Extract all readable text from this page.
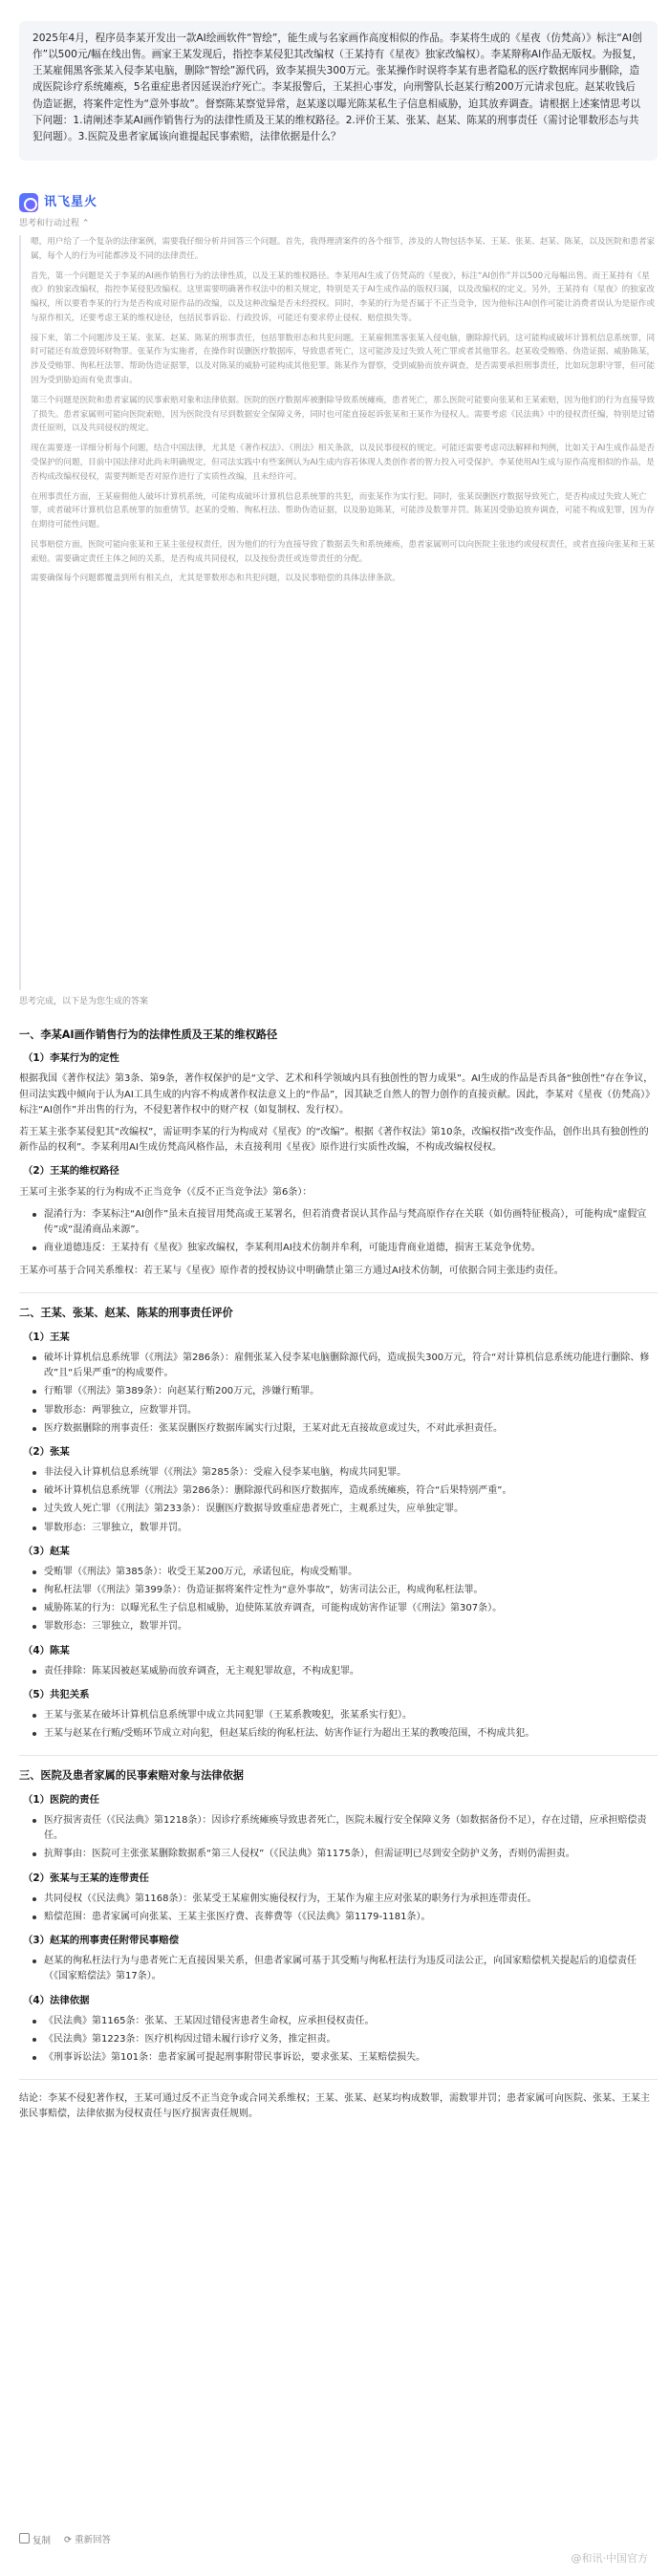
2025年4月，程序员李某开发出一款AI绘画软件“智绘”，能生成与名家画作高度相似的作品。李某将生成的《星夜（仿梵高）》标注“AI创作”以500元/幅在线出售。画家王某发现后，指控李某侵犯其改编权（王某持有《星夜》独家改编权）。李某辩称AI作品无版权。为报复，王某雇佣黑客张某入侵李某电脑，删除“智绘”源代码，致李某损失300万元。张某操作时误将李某有患者隐私的医疗数据库同步删除，造成医院诊疗系统瘫痪，5名重症患者因延误治疗死亡。李某报警后，王某担心事发，向刑警队长赵某行贿200万元请求包庇。赵某收钱后伪造证据，将案件定性为“意外事故”。督察陈某察觉异常，赵某遂以曝光陈某私生子信息相威胁，迫其放弃调查。请根据上述案情思考以下问题：1.请阐述李某AI画作销售行为的法律性质及王某的维权路径。2.评价王某、张某、赵某、陈某的刑事责任（需讨论罪数形态与共犯问题）。3.医院及患者家属该向谁提起民事索赔，法律依据是什么？
讯飞星火
思考和行动过程 ⌃

嗯，用户给了一个复杂的法律案例，需要我仔细分析并回答三个问题。首先，我得理清案件的各个细节，涉及的人物包括李某、王某、张某、赵某、陈某，以及医院和患者家属，每个人的行为可能都涉及不同的法律责任。

首先，第一个问题是关于李某的AI画作销售行为的法律性质，以及王某的维权路径。李某用AI生成了仿梵高的《星夜》，标注“AI创作”并以500元每幅出售。而王某持有《星夜》的独家改编权，指控李某侵犯改编权。这里需要明确著作权法中的相关规定，特别是关于AI生成作品的版权归属，以及改编权的定义。另外，王某持有《星夜》的独家改编权，所以要看李某的行为是否构成对原作品的改编，以及这种改编是否未经授权。同时，李某的行为是否属于不正当竞争，因为他标注AI创作可能让消费者误认为是原作或与原作相关，还要考虑王某的维权途径，包括民事诉讼、行政投诉，可能还有要求停止侵权、赔偿损失等。

接下来，第二个问题涉及王某、张某、赵某、陈某的刑事责任，包括罪数形态和共犯问题。王某雇佣黑客张某入侵电脑，删除源代码，这可能构成破坏计算机信息系统罪，同时可能还有故意毁坏财物罪。张某作为实施者，在操作时误删医疗数据库，导致患者死亡，这可能涉及过失致人死亡罪或者其他罪名。赵某收受贿赂、伪造证据、威胁陈某，涉及受贿罪、徇私枉法罪、帮助伪造证据罪，以及对陈某的威胁可能构成其他犯罪。陈某作为督察，受到威胁而放弃调查，是否需要承担刑事责任，比如玩忽职守罪，但可能因为受到胁迫而有免责事由。

第三个问题是医院和患者家属的民事索赔对象和法律依据。医院的医疗数据库被删除导致系统瘫痪，患者死亡，那么医院可能要向张某和王某索赔，因为他们的行为直接导致了损失。患者家属则可能向医院索赔，因为医院没有尽到数据安全保障义务，同时也可能直接起诉张某和王某作为侵权人。需要考虑《民法典》中的侵权责任编，特别是过错责任原则，以及共同侵权的规定。

现在需要逐一详细分析每个问题，结合中国法律，尤其是《著作权法》、《刑法》相关条款，以及民事侵权的规定。可能还需要考虑司法解释和判例，比如关于AI生成作品是否受保护的问题，目前中国法律对此尚未明确规定，但司法实践中有些案例认为AI生成内容若体现人类创作者的智力投入可受保护。李某使用AI生成与原作高度相似的作品，是否构成改编权侵权，需要判断是否对原作进行了实质性改编，且未经许可。

在刑事责任方面，王某雇佣他人破坏计算机系统，可能构成破坏计算机信息系统罪的共犯，而张某作为实行犯。同时，张某误删医疗数据导致死亡，是否构成过失致人死亡罪，或者破坏计算机信息系统罪的加重情节。赵某的受贿、徇私枉法、帮助伪造证据，以及胁迫陈某，可能涉及数罪并罚。陈某因受胁迫放弃调查，可能不构成犯罪，因为存在期待可能性问题。

民事赔偿方面，医院可能向张某和王某主张侵权责任，因为他们的行为直接导致了数据丢失和系统瘫痪，患者家属则可以向医院主张违约或侵权责任，或者直接向张某和王某索赔。需要确定责任主体之间的关系，是否构成共同侵权，以及按份责任或连带责任的分配。

需要确保每个问题都覆盖到所有相关点，尤其是罪数形态和共犯问题，以及民事赔偿的具体法律条款。

思考完成，以下是为您生成的答案
一、李某AI画作销售行为的法律性质及王某的维权路径
（1）李某行为的定性
根据我国《著作权法》第3条、第9条，著作权保护的是“文学、艺术和科学领域内具有独创性的智力成果”。AI生成的作品是否具备“独创性”存在争议，但司法实践中倾向于认为AI工具生成的内容不构成著作权法意义上的“作品”，因其缺乏自然人的智力创作的直接贡献。因此，李某对《星夜（仿梵高）》标注“AI创作”并出售的行为，不侵犯著作权中的财产权（如复制权、发行权）。
若王某主张李某侵犯其“改编权”，需证明李某的行为构成对《星夜》的“改编”。根据《著作权法》第10条，改编权指“改变作品，创作出具有独创性的新作品的权利”。李某利用AI生成仿梵高风格作品，未直接利用《星夜》原作进行实质性改编，不构成改编权侵权。
（2）王某的维权路径
王某可主张李某的行为构成不正当竞争（《反不正当竞争法》第6条）：
混淆行为：李某标注“AI创作”虽未直接冒用梵高或王某署名，但若消费者误认其作品与梵高原作存在关联（如仿画特征极高），可能构成“虚假宣传”或“混淆商品来源”。
商业道德违反：王某持有《星夜》独家改编权，李某利用AI技术仿制并牟利，可能违背商业道德，损害王某竞争优势。
王某亦可基于合同关系维权：若王某与《星夜》原作者的授权协议中明确禁止第三方通过AI技术仿制，可依据合同主张违约责任。
二、王某、张某、赵某、陈某的刑事责任评价
（1）王某
破坏计算机信息系统罪（《刑法》第286条）：雇佣张某入侵李某电脑删除源代码，造成损失300万元，符合“对计算机信息系统功能进行删除、修改”且“后果严重”的构成要件。
行贿罪（《刑法》第389条）：向赵某行贿200万元，涉嫌行贿罪。
罪数形态：两罪独立，应数罪并罚。
医疗数据删除的刑事责任：张某误删医疗数据库属实行过限，王某对此无直接故意或过失，不对此承担责任。
（2）张某
非法侵入计算机信息系统罪（《刑法》第285条）：受雇入侵李某电脑，构成共同犯罪。
破坏计算机信息系统罪（《刑法》第286条）：删除源代码和医疗数据库，造成系统瘫痪，符合“后果特别严重”。
过失致人死亡罪（《刑法》第233条）：误删医疗数据导致重症患者死亡，主观系过失，应单独定罪。
罪数形态：三罪独立，数罪并罚。
（3）赵某
受贿罪（《刑法》第385条）：收受王某200万元，承诺包庇，构成受贿罪。
徇私枉法罪（《刑法》第399条）：伪造证据将案件定性为“意外事故”，妨害司法公正，构成徇私枉法罪。
威胁陈某的行为：以曝光私生子信息相威胁，迫使陈某放弃调查，可能构成妨害作证罪（《刑法》第307条）。
罪数形态：三罪独立，数罪并罚。
（4）陈某
责任排除：陈某因被赵某威胁而放弃调查，无主观犯罪故意，不构成犯罪。
（5）共犯关系
王某与张某在破坏计算机信息系统罪中成立共同犯罪（王某系教唆犯，张某系实行犯）。
王某与赵某在行贿/受贿环节成立对向犯，但赵某后续的徇私枉法、妨害作证行为超出王某的教唆范围，不构成共犯。
三、医院及患者家属的民事索赔对象与法律依据
（1）医院的责任
医疗损害责任（《民法典》第1218条）：因诊疗系统瘫痪导致患者死亡，医院未履行安全保障义务（如数据备份不足），存在过错，应承担赔偿责任。
抗辩事由：医院可主张张某删除数据系“第三人侵权”（《民法典》第1175条），但需证明已尽到安全防护义务，否则仍需担责。
（2）张某与王某的连带责任
共同侵权（《民法典》第1168条）：张某受王某雇佣实施侵权行为，王某作为雇主应对张某的职务行为承担连带责任。
赔偿范围：患者家属可向张某、王某主张医疗费、丧葬费等（《民法典》第1179-1181条）。
（3）赵某的刑事责任附带民事赔偿
赵某的徇私枉法行为与患者死亡无直接因果关系，但患者家属可基于其受贿与徇私枉法行为违反司法公正，向国家赔偿机关提起后的追偿责任（《国家赔偿法》第17条）。
（4）法律依据
《民法典》第1165条：张某、王某因过错侵害患者生命权，应承担侵权责任。
《民法典》第1223条：医疗机构因过错未履行诊疗义务，推定担责。
《刑事诉讼法》第101条：患者家属可提起刑事附带民事诉讼，要求张某、王某赔偿损失。
结论：李某不侵犯著作权，王某可通过反不正当竞争或合同关系维权；王某、张某、赵某均构成数罪，需数罪并罚；患者家属可向医院、张某、王某主张民事赔偿，法律依据为侵权责任与医疗损害责任规则。
复制 ⟳ 重新回答
@和讯·中国官方
